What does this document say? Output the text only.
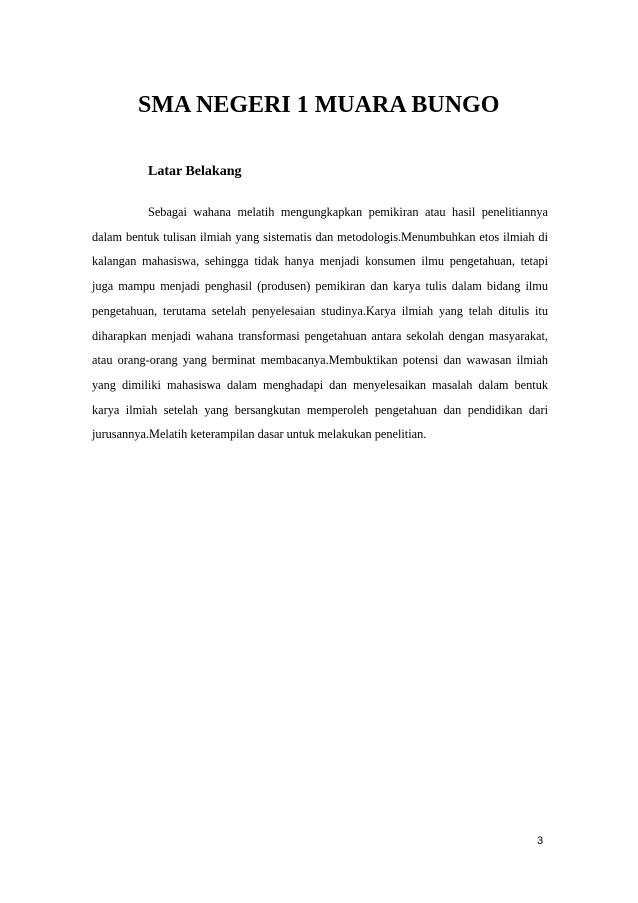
SMA NEGERI 1 MUARA BUNGO
Latar Belakang

Sebagai wahana melatih mengungkapkan pemikiran atau hasil penelitiannya dalam bentuk tulisan ilmiah yang sistematis dan metodologis.Menumbuhkan etos ilmiah di kalangan mahasiswa, sehingga tidak hanya menjadi konsumen ilmu pengetahuan, tetapi juga mampu menjadi penghasil (produsen) pemikiran dan karya tulis dalam bidang ilmu pengetahuan, terutama setelah penyelesaian studinya.Karya ilmiah yang telah ditulis itu diharapkan menjadi wahana transformasi pengetahuan antara sekolah dengan masyarakat, atau orang-orang yang berminat membacanya.Membuktikan potensi dan wawasan ilmiah yang dimiliki mahasiswa dalam menghadapi dan menyelesaikan masalah dalam bentuk karya ilmiah setelah yang bersangkutan memperoleh pengetahuan dan pendidikan dari jurusannya.Melatih keterampilan dasar untuk melakukan penelitian.

3
